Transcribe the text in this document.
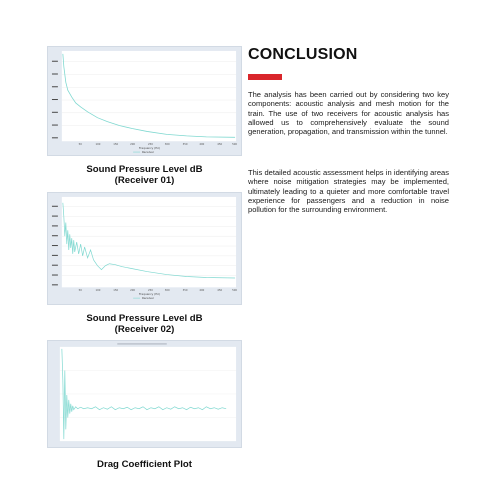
50	100	150	200	250	300	350	400	450	500
Frequency (Hz)
Receiver
Sound Pressure Level dB
(Receiver 01)
50	100	150	200	250	300	350	400	450	500
Frequency (Hz)
Receiver
Sound Pressure Level dB
(Receiver 02)
Drag Coefficient Plot
CONCLUSION
The analysis has been carried out by considering two key components: acoustic analysis and mesh motion for the train. The use of two receivers for acoustic analysis has allowed us to comprehensively evaluate the sound generation, propagation, and transmission within the tunnel.
This detailed acoustic assessment helps in identifying areas where noise mitigation strategies may be implemented, ultimately leading to a quieter and more comfortable travel experience for passengers and a reduction in noise pollution for the surrounding environment.
